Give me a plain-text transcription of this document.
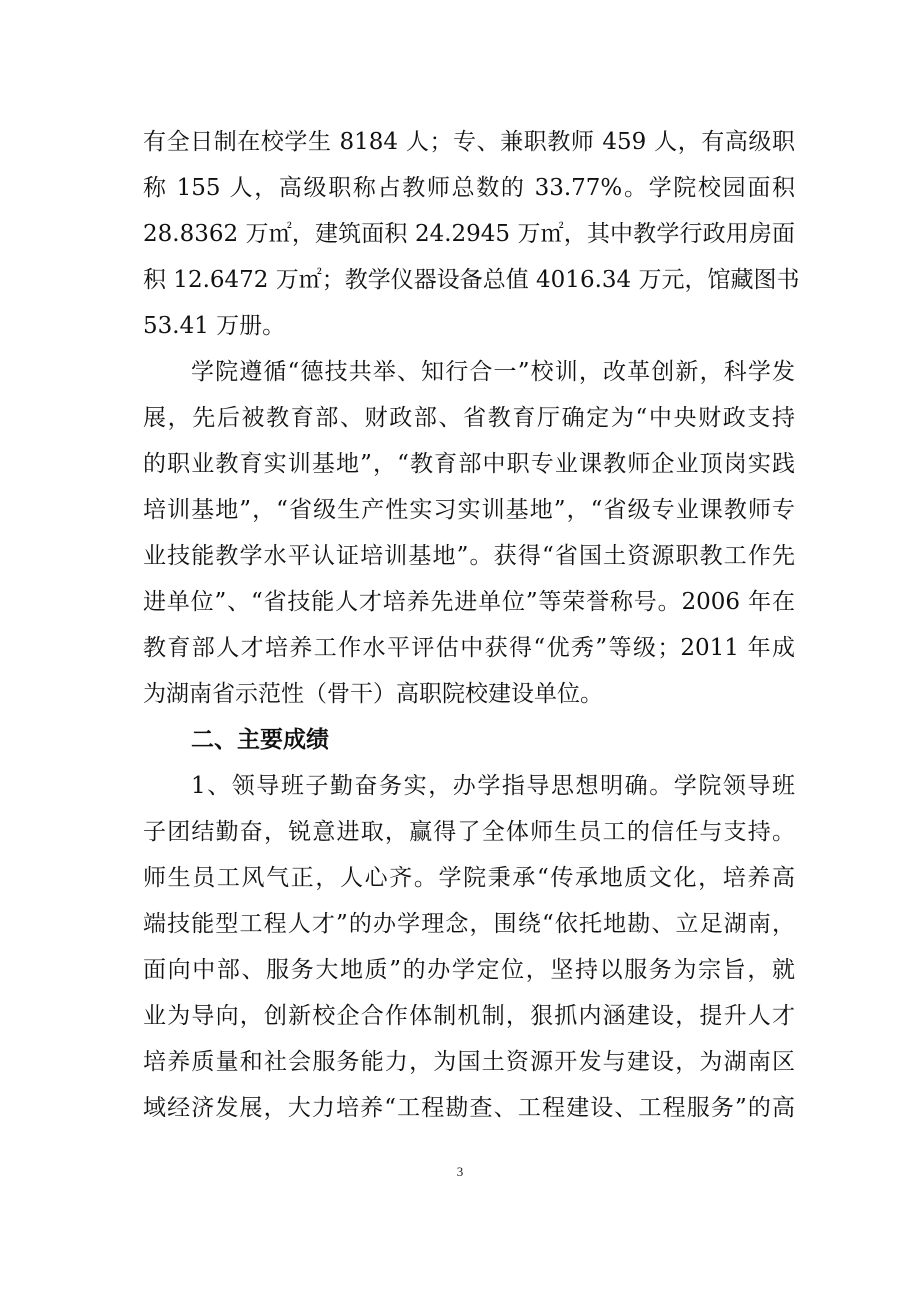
有全日制在校学生 8184 人；专、兼职教师 459 人，有高级职
称 155 人，高级职称占教师总数的 33.77%。学院校园面积
28.8362 万㎡，建筑面积 24.2945 万㎡，其中教学行政用房面
积 12.6472 万㎡；教学仪器设备总值 4016.34 万元，馆藏图书
53.41 万册。
学院遵循“德技共举、知行合一”校训，改革创新，科学发
展，先后被教育部、财政部、省教育厅确定为“中央财政支持
的职业教育实训基地”，“教育部中职专业课教师企业顶岗实践
培训基地”，“省级生产性实习实训基地”，“省级专业课教师专
业技能教学水平认证培训基地”。获得“省国土资源职教工作先
进单位”、“省技能人才培养先进单位”等荣誉称号。2006 年在
教育部人才培养工作水平评估中获得“优秀”等级；2011 年成
为湖南省示范性（骨干）高职院校建设单位。
二、主要成绩
1、领导班子勤奋务实，办学指导思想明确。学院领导班
子团结勤奋，锐意进取，赢得了全体师生员工的信任与支持。
师生员工风气正，人心齐。学院秉承“传承地质文化，培养高
端技能型工程人才”的办学理念，围绕“依托地勘、立足湖南，
面向中部、服务大地质”的办学定位，坚持以服务为宗旨，就
业为导向，创新校企合作体制机制，狠抓内涵建设，提升人才
培养质量和社会服务能力，为国土资源开发与建设，为湖南区
域经济发展，大力培养“工程勘查、工程建设、工程服务”的高
3
